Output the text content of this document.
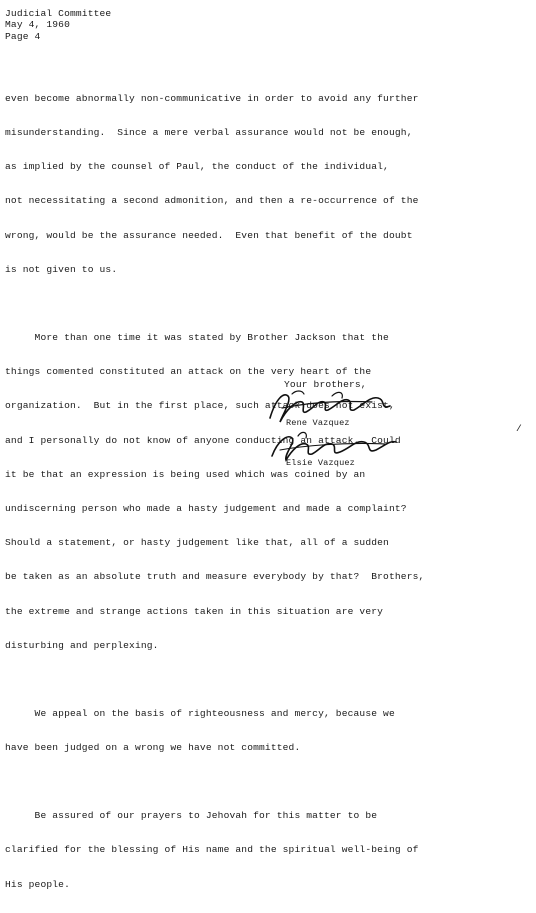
Judicial Committee
May 4, 1960
Page 4

even become abnormally non-communicative in order to avoid any further

misunderstanding.  Since a mere verbal assurance would not be enough,

as implied by the counsel of Paul, the conduct of the individual,

not necessitating a second admonition, and then a re-occurrence of the

wrong, would be the assurance needed.  Even that benefit of the doubt

is not given to us.

More than one time it was stated by Brother Jackson that the

things comented constituted an attack on the very heart of the

organization.  But in the first place, such attack does not exist,

and I personally do not know of anyone conducting an attack.  Could

it be that an expression is being used which was coined by an

undiscerning person who made a hasty judgement and made a complaint?

Should a statement, or hasty judgement like that, all of a sudden

be taken as an absolute truth and measure everybody by that?  Brothers,

the extreme and strange actions taken in this situation are very

disturbing and perplexing.

We appeal on the basis of righteousness and mercy, because we

have been judged on a wrong we have not committed.

Be assured of our prayers to Jehovah for this matter to be

clarified for the blessing of His name and the spiritual well-being of

His people.

Your brothers,
Rene Vazquez
Elsie Vazquez
/
